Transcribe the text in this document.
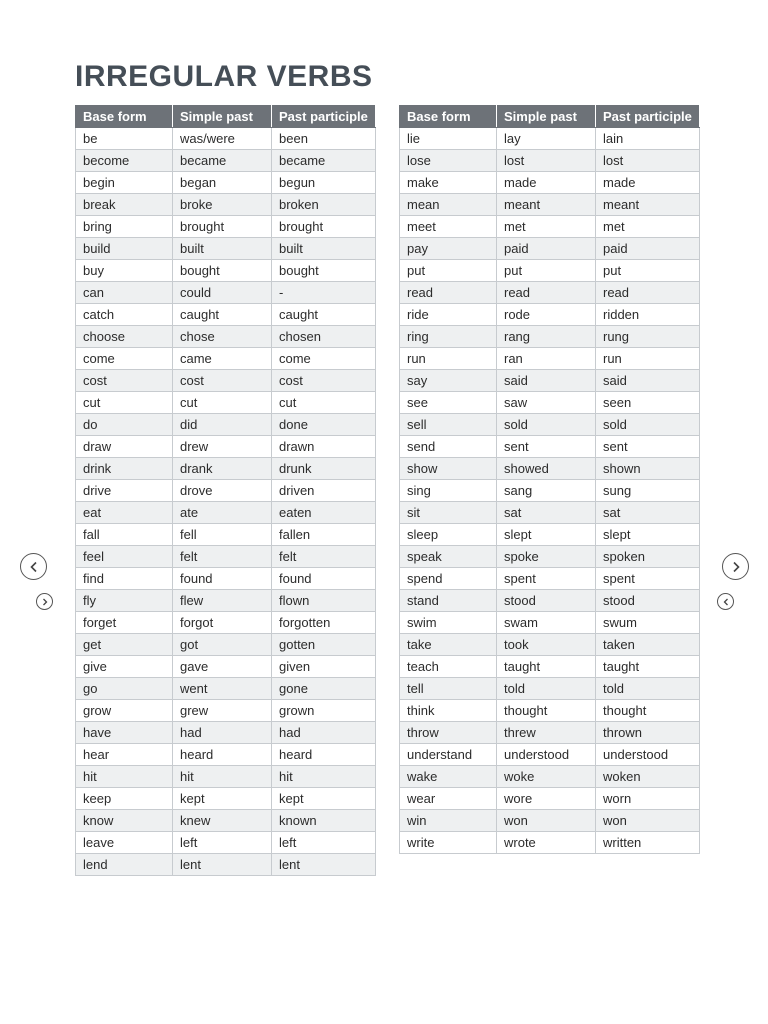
IRREGULAR VERBS
Base form	Simple past	Past participle
be	was/were	been
become	became	became
begin	began	begun
break	broke	broken
bring	brought	brought
build	built	built
buy	bought	bought
can	could	-
catch	caught	caught
choose	chose	chosen
come	came	come
cost	cost	cost
cut	cut	cut
do	did	done
draw	drew	drawn
drink	drank	drunk
drive	drove	driven
eat	ate	eaten
fall	fell	fallen
feel	felt	felt
find	found	found
fly	flew	flown
forget	forgot	forgotten
get	got	gotten
give	gave	given
go	went	gone
grow	grew	grown
have	had	had
hear	heard	heard
hit	hit	hit
keep	kept	kept
know	knew	known
leave	left	left
lend	lent	lent
Base form	Simple past	Past participle
lie	lay	lain
lose	lost	lost
make	made	made
mean	meant	meant
meet	met	met
pay	paid	paid
put	put	put
read	read	read
ride	rode	ridden
ring	rang	rung
run	ran	run
say	said	said
see	saw	seen
sell	sold	sold
send	sent	sent
show	showed	shown
sing	sang	sung
sit	sat	sat
sleep	slept	slept
speak	spoke	spoken
spend	spent	spent
stand	stood	stood
swim	swam	swum
take	took	taken
teach	taught	taught
tell	told	told
think	thought	thought
throw	threw	thrown
understand	understood	understood
wake	woke	woken
wear	wore	worn
win	won	won
write	wrote	written
